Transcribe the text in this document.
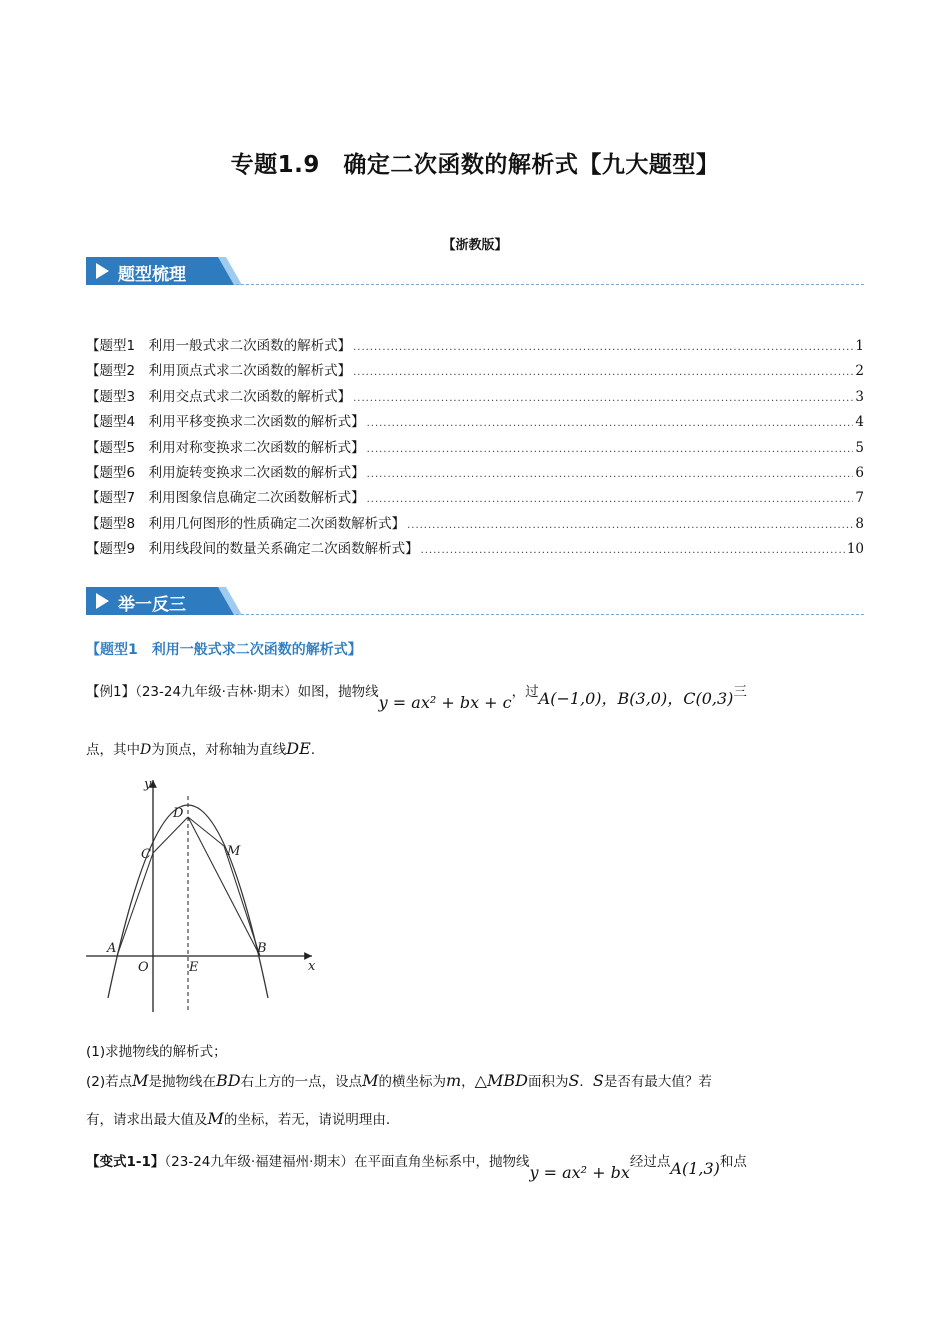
专题1.9　确定二次函数的解析式【九大题型】
【浙教版】
题型梳理
【题型1　利用一般式求二次函数的解析式】 .....	1
【题型2　利用顶点式求二次函数的解析式】 .....	2
【题型3　利用交点式求二次函数的解析式】 .....	3
【题型4　利用平移变换求二次函数的解析式】 .....	4
【题型5　利用对称变换求二次函数的解析式】 .....	5
【题型6　利用旋转变换求二次函数的解析式】 .....	6
【题型7　利用图象信息确定二次函数解析式】 .....	7
【题型8　利用几何图形的性质确定二次函数解析式】 .....	8
【题型9　利用线段间的数量关系确定二次函数解析式】 .....	10
举一反三
【题型1　利用一般式求二次函数的解析式】
【例1】（23-24九年级·吉林·期末）如图，抛物线y = ax² + bx + c，过A(−1,0)，B(3,0)，C(0,3)三
点，其中D为顶点，对称轴为直线DE.
y
x
O
A	B
C
D
E
M
(1)求抛物线的解析式；
(2)若点M是抛物线在BD右上方的一点，设点M的横坐标为m，△MBD面积为S．S是否有最大值？若
有，请求出最大值及M的坐标，若无，请说明理由．
【变式1-1】（23-24九年级·福建福州·期末）在平面直角坐标系中，抛物线y = ax² + bx经过点A(1,3)和点
